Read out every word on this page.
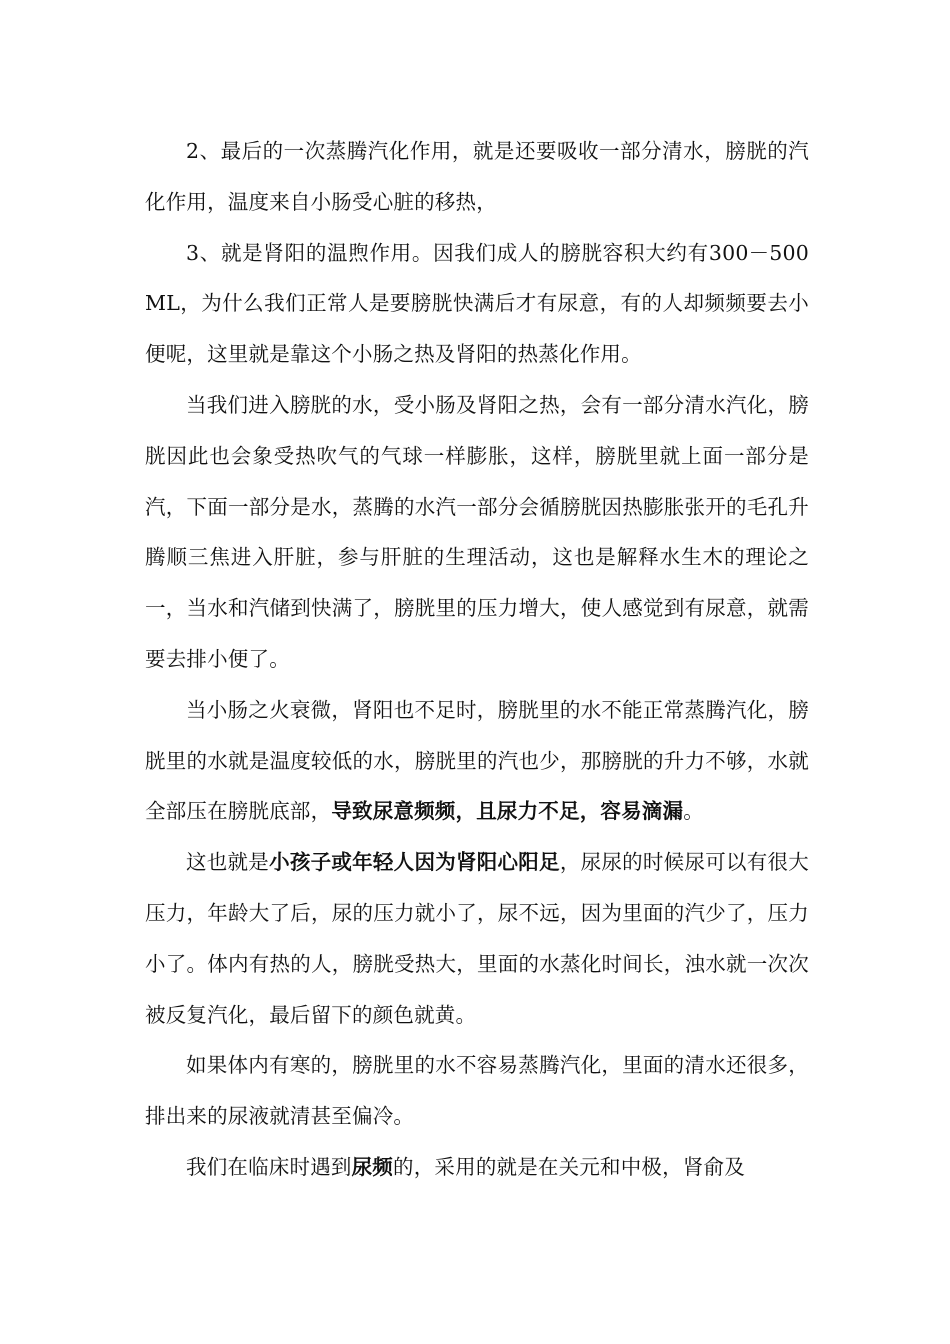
2、最后的一次蒸腾汽化作用，就是还要吸收一部分清水，膀胱的汽化作用，温度来自小肠受心脏的移热，

3、就是肾阳的温煦作用。因我们成人的膀胱容积大约有300－500ML，为什么我们正常人是要膀胱快满后才有尿意，有的人却频频要去小便呢，这里就是靠这个小肠之热及肾阳的热蒸化作用。

当我们进入膀胱的水，受小肠及肾阳之热，会有一部分清水汽化，膀胱因此也会象受热吹气的气球一样膨胀，这样，膀胱里就上面一部分是汽，下面一部分是水，蒸腾的水汽一部分会循膀胱因热膨胀张开的毛孔升腾顺三焦进入肝脏，参与肝脏的生理活动，这也是解释水生木的理论之一，当水和汽储到快满了，膀胱里的压力增大，使人感觉到有尿意，就需要去排小便了。

当小肠之火衰微，肾阳也不足时，膀胱里的水不能正常蒸腾汽化，膀胱里的水就是温度较低的水，膀胱里的汽也少，那膀胱的升力不够，水就全部压在膀胱底部，导致尿意频频，且尿力不足，容易滴漏。

这也就是小孩子或年轻人因为肾阳心阳足，尿尿的时候尿可以有很大压力，年龄大了后，尿的压力就小了，尿不远，因为里面的汽少了，压力小了。体内有热的人，膀胱受热大，里面的水蒸化时间长，浊水就一次次被反复汽化，最后留下的颜色就黄。

如果体内有寒的，膀胱里的水不容易蒸腾汽化，里面的清水还很多，排出来的尿液就清甚至偏冷。

我们在临床时遇到尿频的，采用的就是在关元和中极，肾俞及
